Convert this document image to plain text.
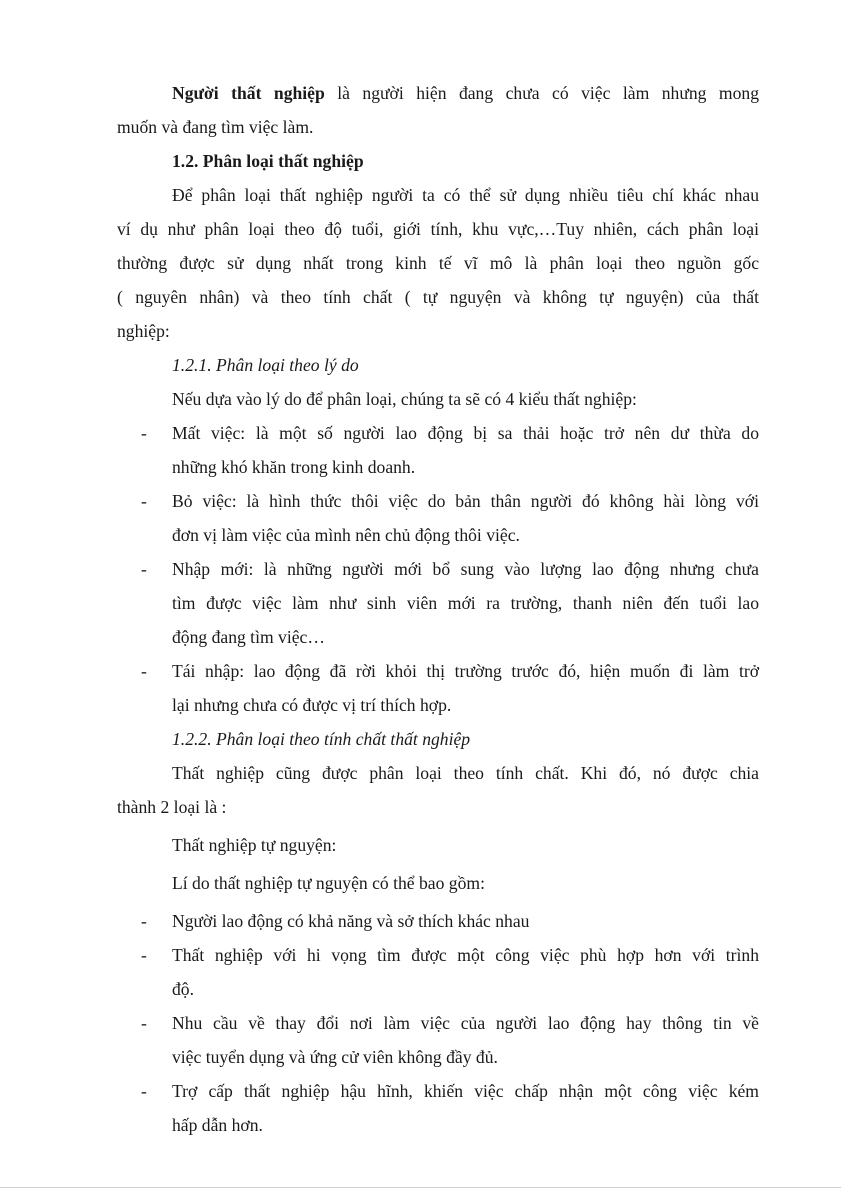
Người thất nghiệp là người hiện đang chưa có việc làm nhưng mong
muốn và đang tìm việc làm.
1.2. Phân loại thất nghiệp
Để phân loại thất nghiệp người ta có thể sử dụng nhiều tiêu chí khác nhau
ví dụ như phân loại theo độ tuổi, giới tính, khu vực,…Tuy nhiên, cách phân loại
thường được sử dụng nhất trong kinh tế vĩ mô là phân loại theo nguồn gốc
( nguyên nhân) và theo tính chất ( tự nguyện và không tự nguyện) của thất
nghiệp:
1.2.1. Phân loại theo lý do
Nếu dựa vào lý do để phân loại, chúng ta sẽ có 4 kiểu thất nghiệp:
- Mất việc: là một số người lao động bị sa thải hoặc trở nên dư thừa do
những khó khăn trong kinh doanh.
- Bỏ việc: là hình thức thôi việc do bản thân người đó không hài lòng với
đơn vị làm việc của mình nên chủ động thôi việc.
- Nhập mới: là những người mới bổ sung vào lượng lao động nhưng chưa
tìm được việc làm như sinh viên mới ra trường, thanh niên đến tuổi lao
động đang tìm việc…
- Tái nhập: lao động đã rời khỏi thị trường trước đó, hiện muốn đi làm trở
lại nhưng chưa có được vị trí thích hợp.
1.2.2. Phân loại theo tính chất thất nghiệp
Thất nghiệp cũng được phân loại theo tính chất. Khi đó, nó được chia
thành 2 loại là :
Thất nghiệp tự nguyện:
Lí do thất nghiệp tự nguyện có thể bao gồm:
- Người lao động có khả năng và sở thích khác nhau
- Thất nghiệp với hi vọng tìm được một công việc phù hợp hơn với trình
độ.
- Nhu cầu về thay đổi nơi làm việc của người lao động hay thông tin về
việc tuyển dụng và ứng cử viên không đầy đủ.
- Trợ cấp thất nghiệp hậu hĩnh, khiến việc chấp nhận một công việc kém
hấp dẫn hơn.
